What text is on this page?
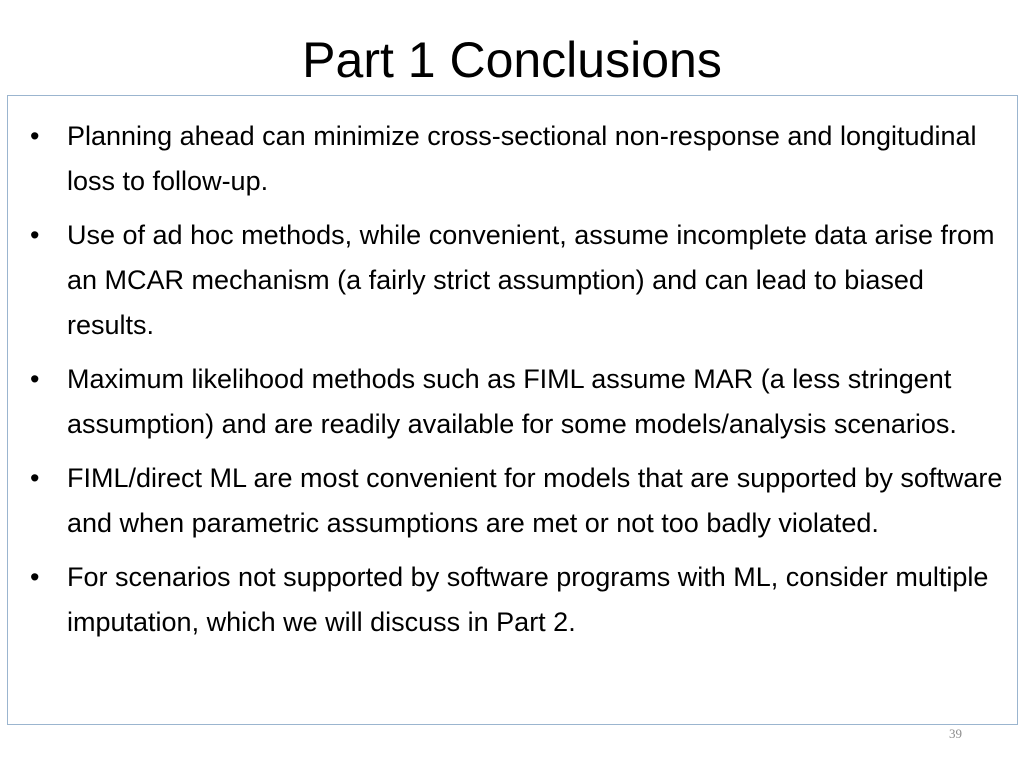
Part 1 Conclusions
• Planning ahead can minimize cross-sectional non-response and longitudinal loss to follow-up.
• Use of ad hoc methods, while convenient, assume incomplete data arise from an MCAR mechanism (a fairly strict assumption) and can lead to biased results.
• Maximum likelihood methods such as FIML assume MAR (a less stringent assumption) and are readily available for some models/analysis scenarios.
• FIML/direct ML are most convenient for models that are supported by software and when parametric assumptions are met or not too badly violated.
• For scenarios not supported by software programs with ML, consider multiple imputation, which we will discuss in Part 2.
39
